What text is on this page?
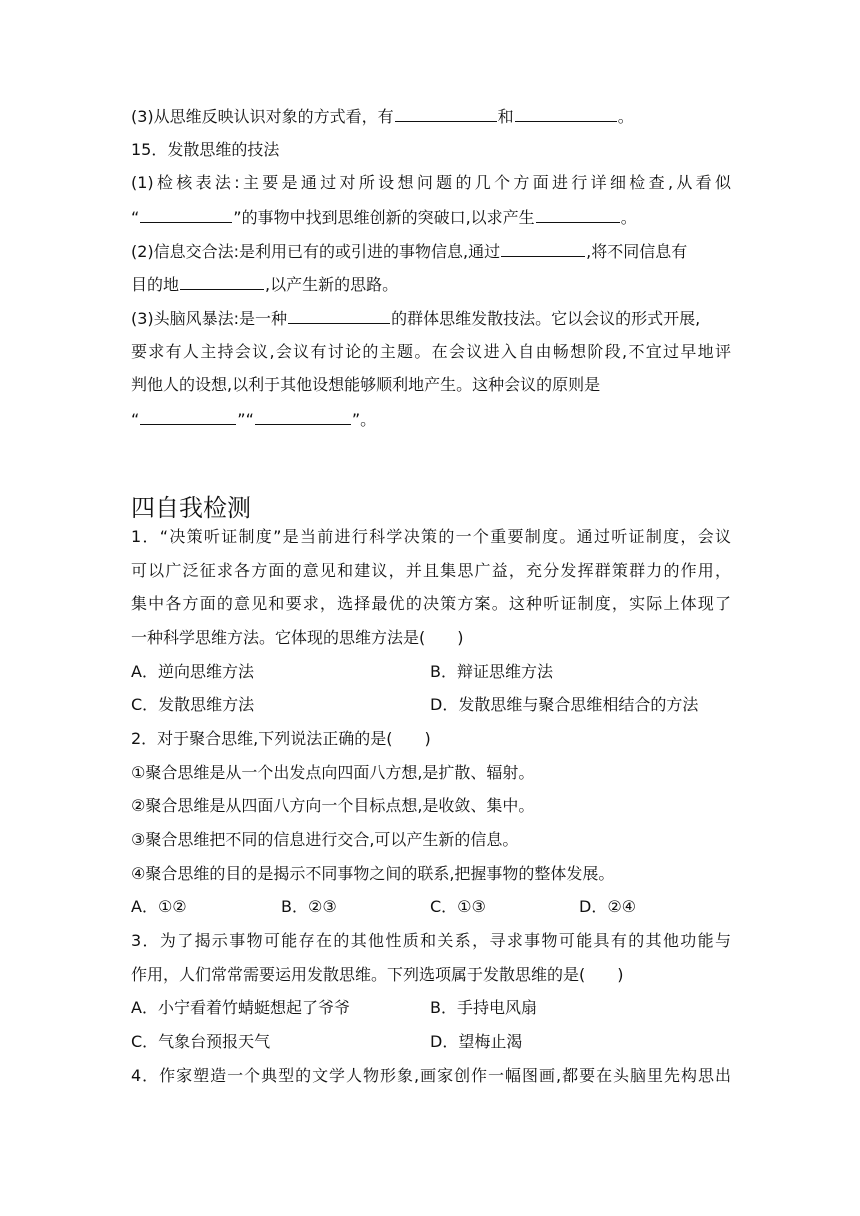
(3)从思维反映认识对象的方式看，有	和	。
15．发散思维的技法
(1)检核表法:主要是通过对所设想问题的几个方面进行详细检查,从看似
“	”的事物中找到思维创新的突破口,以求产生	。
(2)信息交合法:是利用已有的或引进的事物信息,通过	,将不同信息有
目的地	,以产生新的思路。
(3)头脑风暴法:是一种	的群体思维发散技法。它以会议的形式开展,
要求有人主持会议,会议有讨论的主题。在会议进入自由畅想阶段,不宜过早地评
判他人的设想,以利于其他设想能够顺利地产生。这种会议的原则是
“	”“	”。
四自我检测
1．“决策听证制度”是当前进行科学决策的一个重要制度。通过听证制度，会议
可以广泛征求各方面的意见和建议，并且集思广益，充分发挥群策群力的作用，
集中各方面的意见和要求，选择最优的决策方案。这种听证制度，实际上体现了
一种科学思维方法。它体现的思维方法是(　　)
A．逆向思维方法	B．辩证思维方法
C．发散思维方法	D．发散思维与聚合思维相结合的方法
2．对于聚合思维,下列说法正确的是(　　)
①聚合思维是从一个出发点向四面八方想,是扩散、辐射。
②聚合思维是从四面八方向一个目标点想,是收敛、集中。
③聚合思维把不同的信息进行交合,可以产生新的信息。
④聚合思维的目的是揭示不同事物之间的联系,把握事物的整体发展。
A．①②	B．②③	C．①③	D．②④
3．为了揭示事物可能存在的其他性质和关系，寻求事物可能具有的其他功能与
作用，人们常常需要运用发散思维。下列选项属于发散思维的是(　　)
A．小宁看着竹蜻蜓想起了爷爷	B．手持电风扇
C．气象台预报天气	D．望梅止渴
4．作家塑造一个典型的文学人物形象,画家创作一幅图画,都要在头脑里先构思出
